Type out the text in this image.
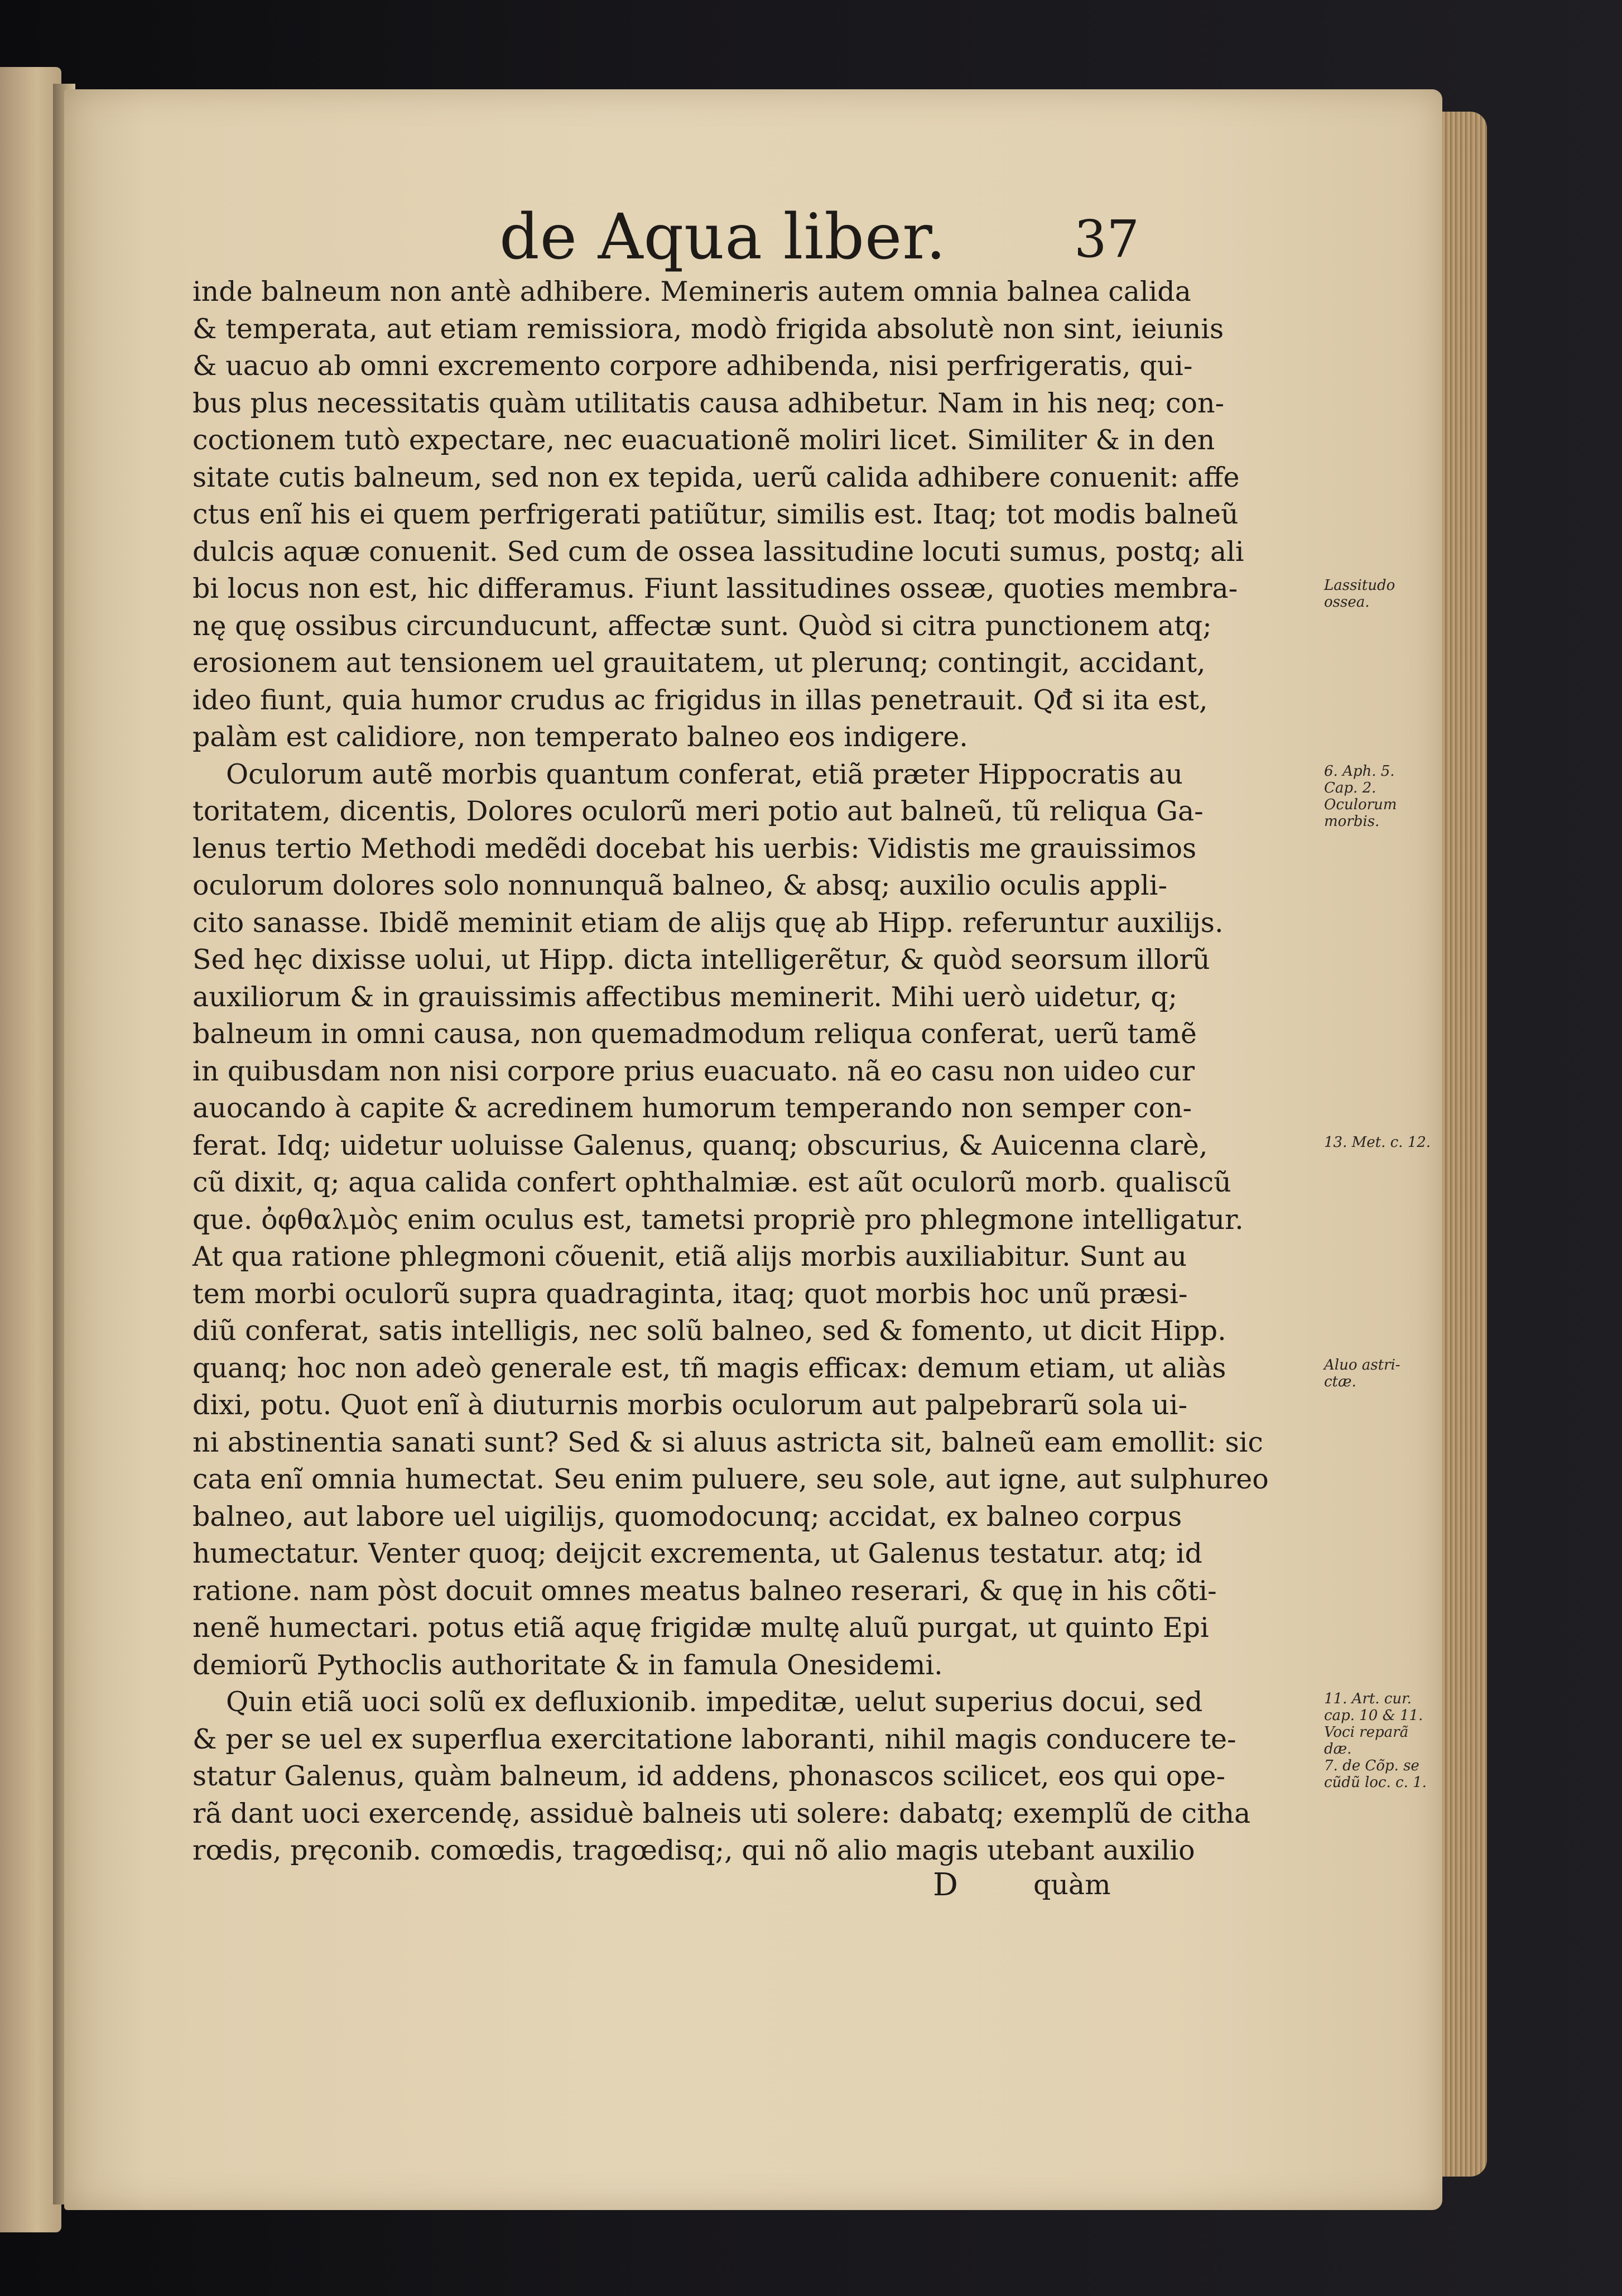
de Aqua liber. 37
inde balneum non antè adhibere. Memineris autem omnia balnea calida
& temperata, aut etiam remissiora, modò frigida absolutè non sint, ieiunis
& uacuo ab omni excremento corpore adhibenda, nisi perfrigeratis, qui-
bus plus necessitatis quàm utilitatis causa adhibetur. Nam in his neq; con-
coctionem tutò expectare, nec euacuationẽ moliri licet. Similiter & in den
sitate cutis balneum, sed non ex tepida, uerũ calida adhibere conuenit: affe
ctus enĩ his ei quem perfrigerati patiũtur, similis est. Itaq; tot modis balneũ
dulcis aquæ conuenit. Sed cum de ossea lassitudine locuti sumus, postq; ali
bi locus non est, hic differamus. Fiunt lassitudines osseæ, quoties membra-
nę quę ossibus circunducunt, affectæ sunt. Quòd si citra punctionem atq;
erosionem aut tensionem uel grauitatem, ut plerunq; contingit, accidant,
ideo fiunt, quia humor crudus ac frigidus in illas penetrauit. Qđ si ita est,
palàm est calidiore, non temperato balneo eos indigere.
Oculorum autẽ morbis quantum conferat, etiã præter Hippocratis au
toritatem, dicentis, Dolores oculorũ meri potio aut balneũ, tũ reliqua Ga-
lenus tertio Methodi medẽdi docebat his uerbis: Vidistis me grauissimos
oculorum dolores solo nonnunquã balneo, & absq; auxilio oculis appli-
cito sanasse. Ibidẽ meminit etiam de alijs quę ab Hipp. referuntur auxilijs.
Sed hęc dixisse uolui, ut Hipp. dicta intelligerẽtur, & quòd seorsum illorũ
auxiliorum & in grauissimis affectibus meminerit. Mihi uerò uidetur, q;
balneum in omni causa, non quemadmodum reliqua conferat, uerũ tamẽ
in quibusdam non nisi corpore prius euacuato. nã eo casu non uideo cur
auocando à capite & acredinem humorum temperando non semper con-
ferat. Idq; uidetur uoluisse Galenus, quanq; obscurius, & Auicenna clarè,
cũ dixit, q; aqua calida confert ophthalmiæ. est aũt oculorũ morb. qualiscũ
que. ὀφθαλμὸς enim oculus est, tametsi propriè pro phlegmone intelligatur.
At qua ratione phlegmoni cõuenit, etiã alijs morbis auxiliabitur. Sunt au
tem morbi oculorũ supra quadraginta, itaq; quot morbis hoc unũ præsi-
diũ conferat, satis intelligis, nec solũ balneo, sed & fomento, ut dicit Hipp.
quanq; hoc non adeò generale est, tñ magis efficax: demum etiam, ut aliàs
dixi, potu. Quot enĩ à diuturnis morbis oculorum aut palpebrarũ sola ui-
ni abstinentia sanati sunt? Sed & si aluus astricta sit, balneũ eam emollit: sic
cata enĩ omnia humectat. Seu enim puluere, seu sole, aut igne, aut sulphureo
balneo, aut labore uel uigilijs, quomodocunq; accidat, ex balneo corpus
humectatur. Venter quoq; deijcit excrementa, ut Galenus testatur. atq; id
ratione. nam pòst docuit omnes meatus balneo reserari, & quę in his cõti-
nenẽ humectari. potus etiã aquę frigidæ multę aluũ purgat, ut quinto Epi
demiorũ Pythoclis authoritate & in famula Onesidemi.
Quin etiã uoci solũ ex defluxionib. impeditæ, uelut superius docui, sed
& per se uel ex superflua exercitatione laboranti, nihil magis conducere te-
statur Galenus, quàm balneum, id addens, phonascos scilicet, eos qui ope-
rã dant uoci exercendę, assiduè balneis uti solere: dabatq; exemplũ de citha
rœdis, pręconib. comœdis, tragœdisq;, qui nõ alio magis utebant auxilio
Lassitudo
ossea.
6. Aph. 5.
Cap. 2.
Oculorum
morbis.
13. Met. c. 12.
Aluo astri-
ctæ.
11. Art. cur.
cap. 10 & 11.
Voci reparã
dæ.
7. de Cõp. se
cũdũ loc. c. 1.
D	quàm
